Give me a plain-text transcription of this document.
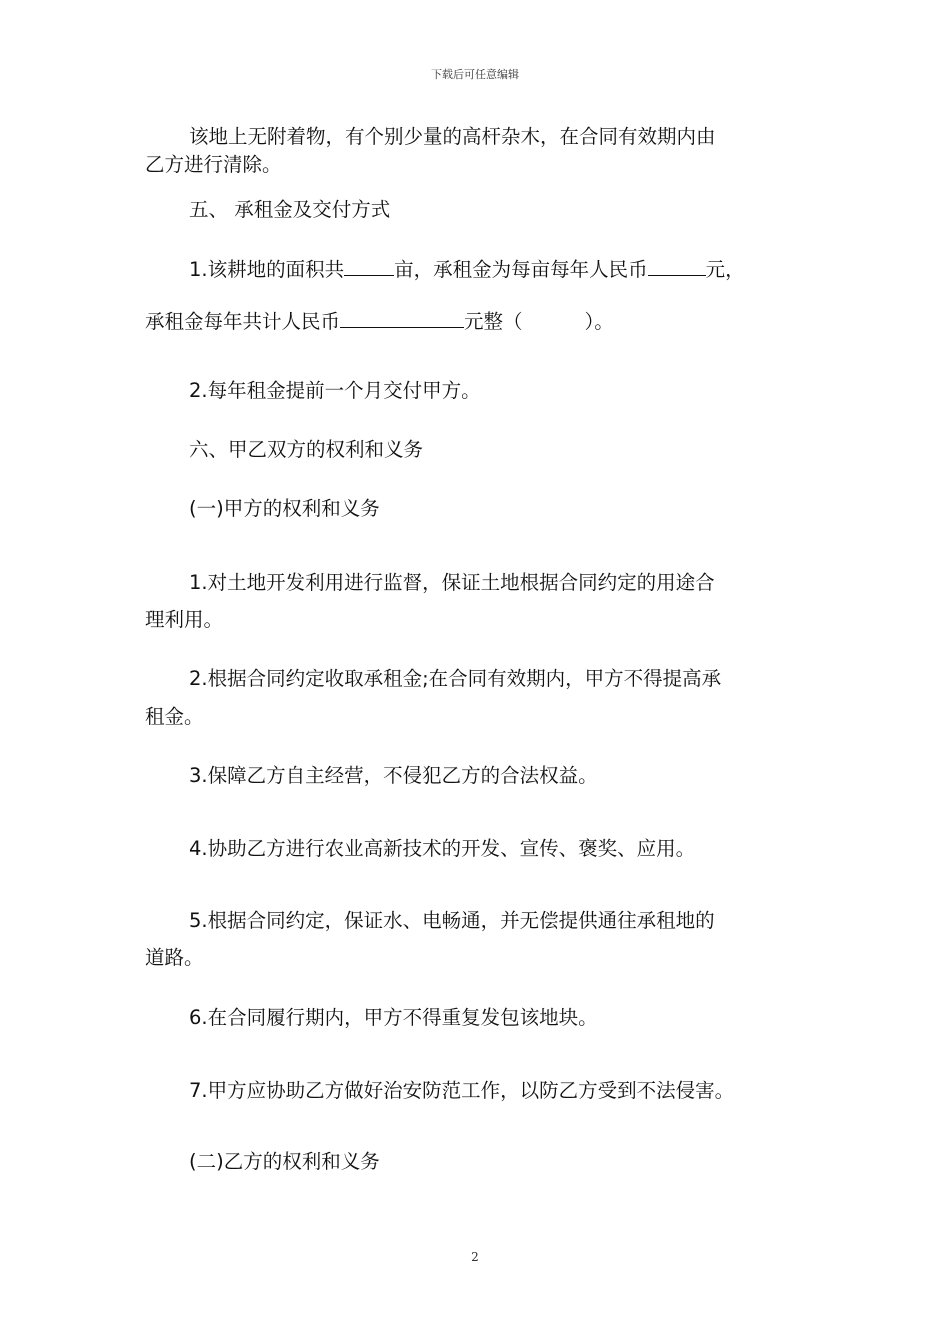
下载后可任意编辑

该地上无附着物，有个别少量的高杆杂木，在合同有效期内由

乙方进行清除。

五、 承租金及交付方式

1.该耕地的面积共	亩，承租金为每亩每年人民币	元，

承租金每年共计人民币	元整（	）。

2.每年租金提前一个月交付甲方。

六、甲乙双方的权利和义务

(一)甲方的权利和义务

1.对土地开发利用进行监督，保证土地根据合同约定的用途合

理利用。

2.根据合同约定收取承租金;在合同有效期内，甲方不得提高承

租金。

3.保障乙方自主经营，不侵犯乙方的合法权益。

4.协助乙方进行农业高新技术的开发、宣传、褒奖、应用。

5.根据合同约定，保证水、电畅通，并无偿提供通往承租地的

道路。

6.在合同履行期内，甲方不得重复发包该地块。

7.甲方应协助乙方做好治安防范工作，以防乙方受到不法侵害。

(二)乙方的权利和义务

2
